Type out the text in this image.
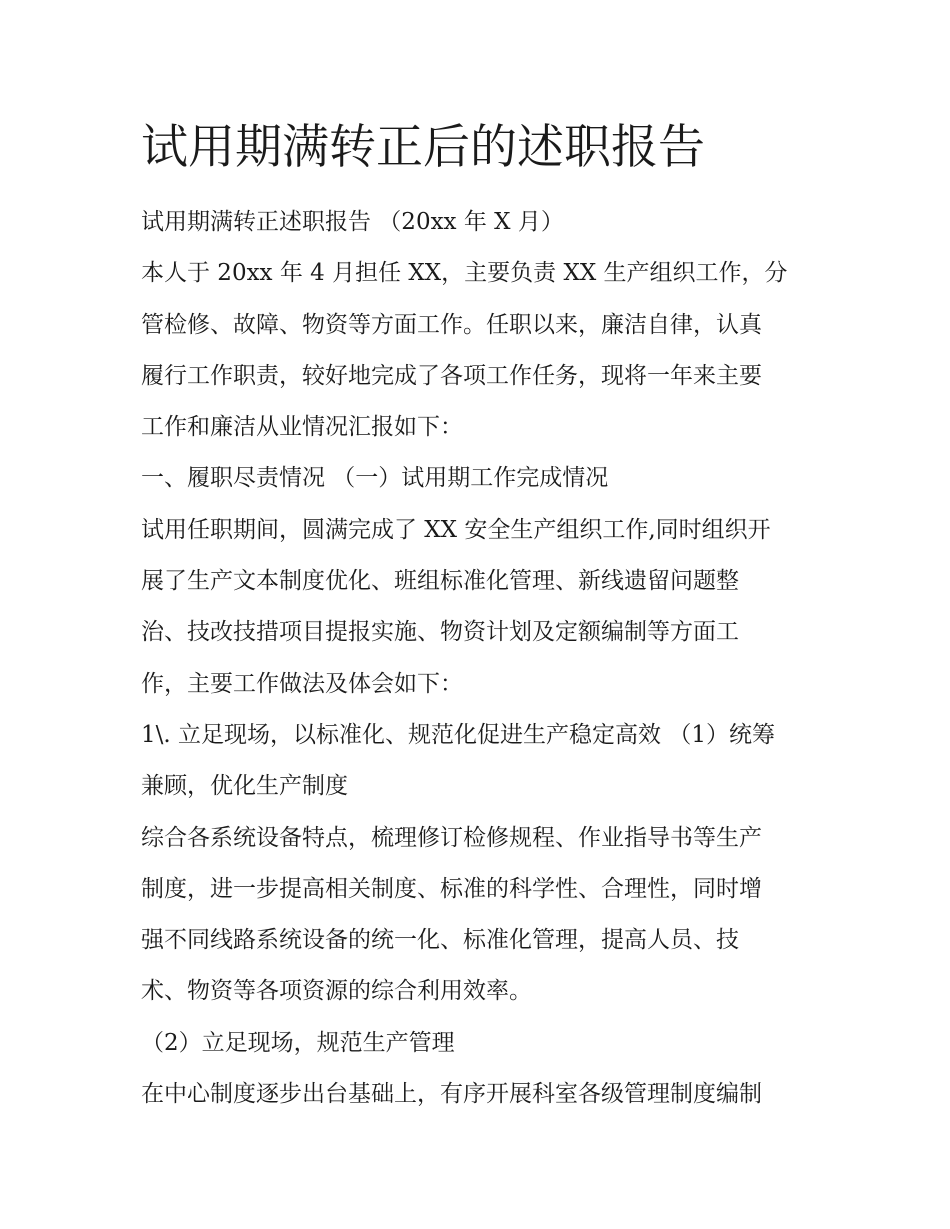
试用期满转正后的述职报告
试用期满转正述职报告 （20xx 年 X 月）
本人于 20xx 年 4 月担任 XX，主要负责 XX 生产组织工作，分
管检修、故障、物资等方面工作。任职以来，廉洁自律，认真
履行工作职责，较好地完成了各项工作任务，现将一年来主要
工作和廉洁从业情况汇报如下：
一、履职尽责情况 （一）试用期工作完成情况
试用任职期间，圆满完成了 XX 安全生产组织工作,同时组织开
展了生产文本制度优化、班组标准化管理、新线遗留问题整
治、技改技措项目提报实施、物资计划及定额编制等方面工
作，主要工作做法及体会如下：
1\. 立足现场，以标准化、规范化促进生产稳定高效 （1）统筹
兼顾，优化生产制度
综合各系统设备特点，梳理修订检修规程、作业指导书等生产
制度，进一步提高相关制度、标准的科学性、合理性，同时增
强不同线路系统设备的统一化、标准化管理，提高人员、技
术、物资等各项资源的综合利用效率。
（2）立足现场，规范生产管理
在中心制度逐步出台基础上，有序开展科室各级管理制度编制
